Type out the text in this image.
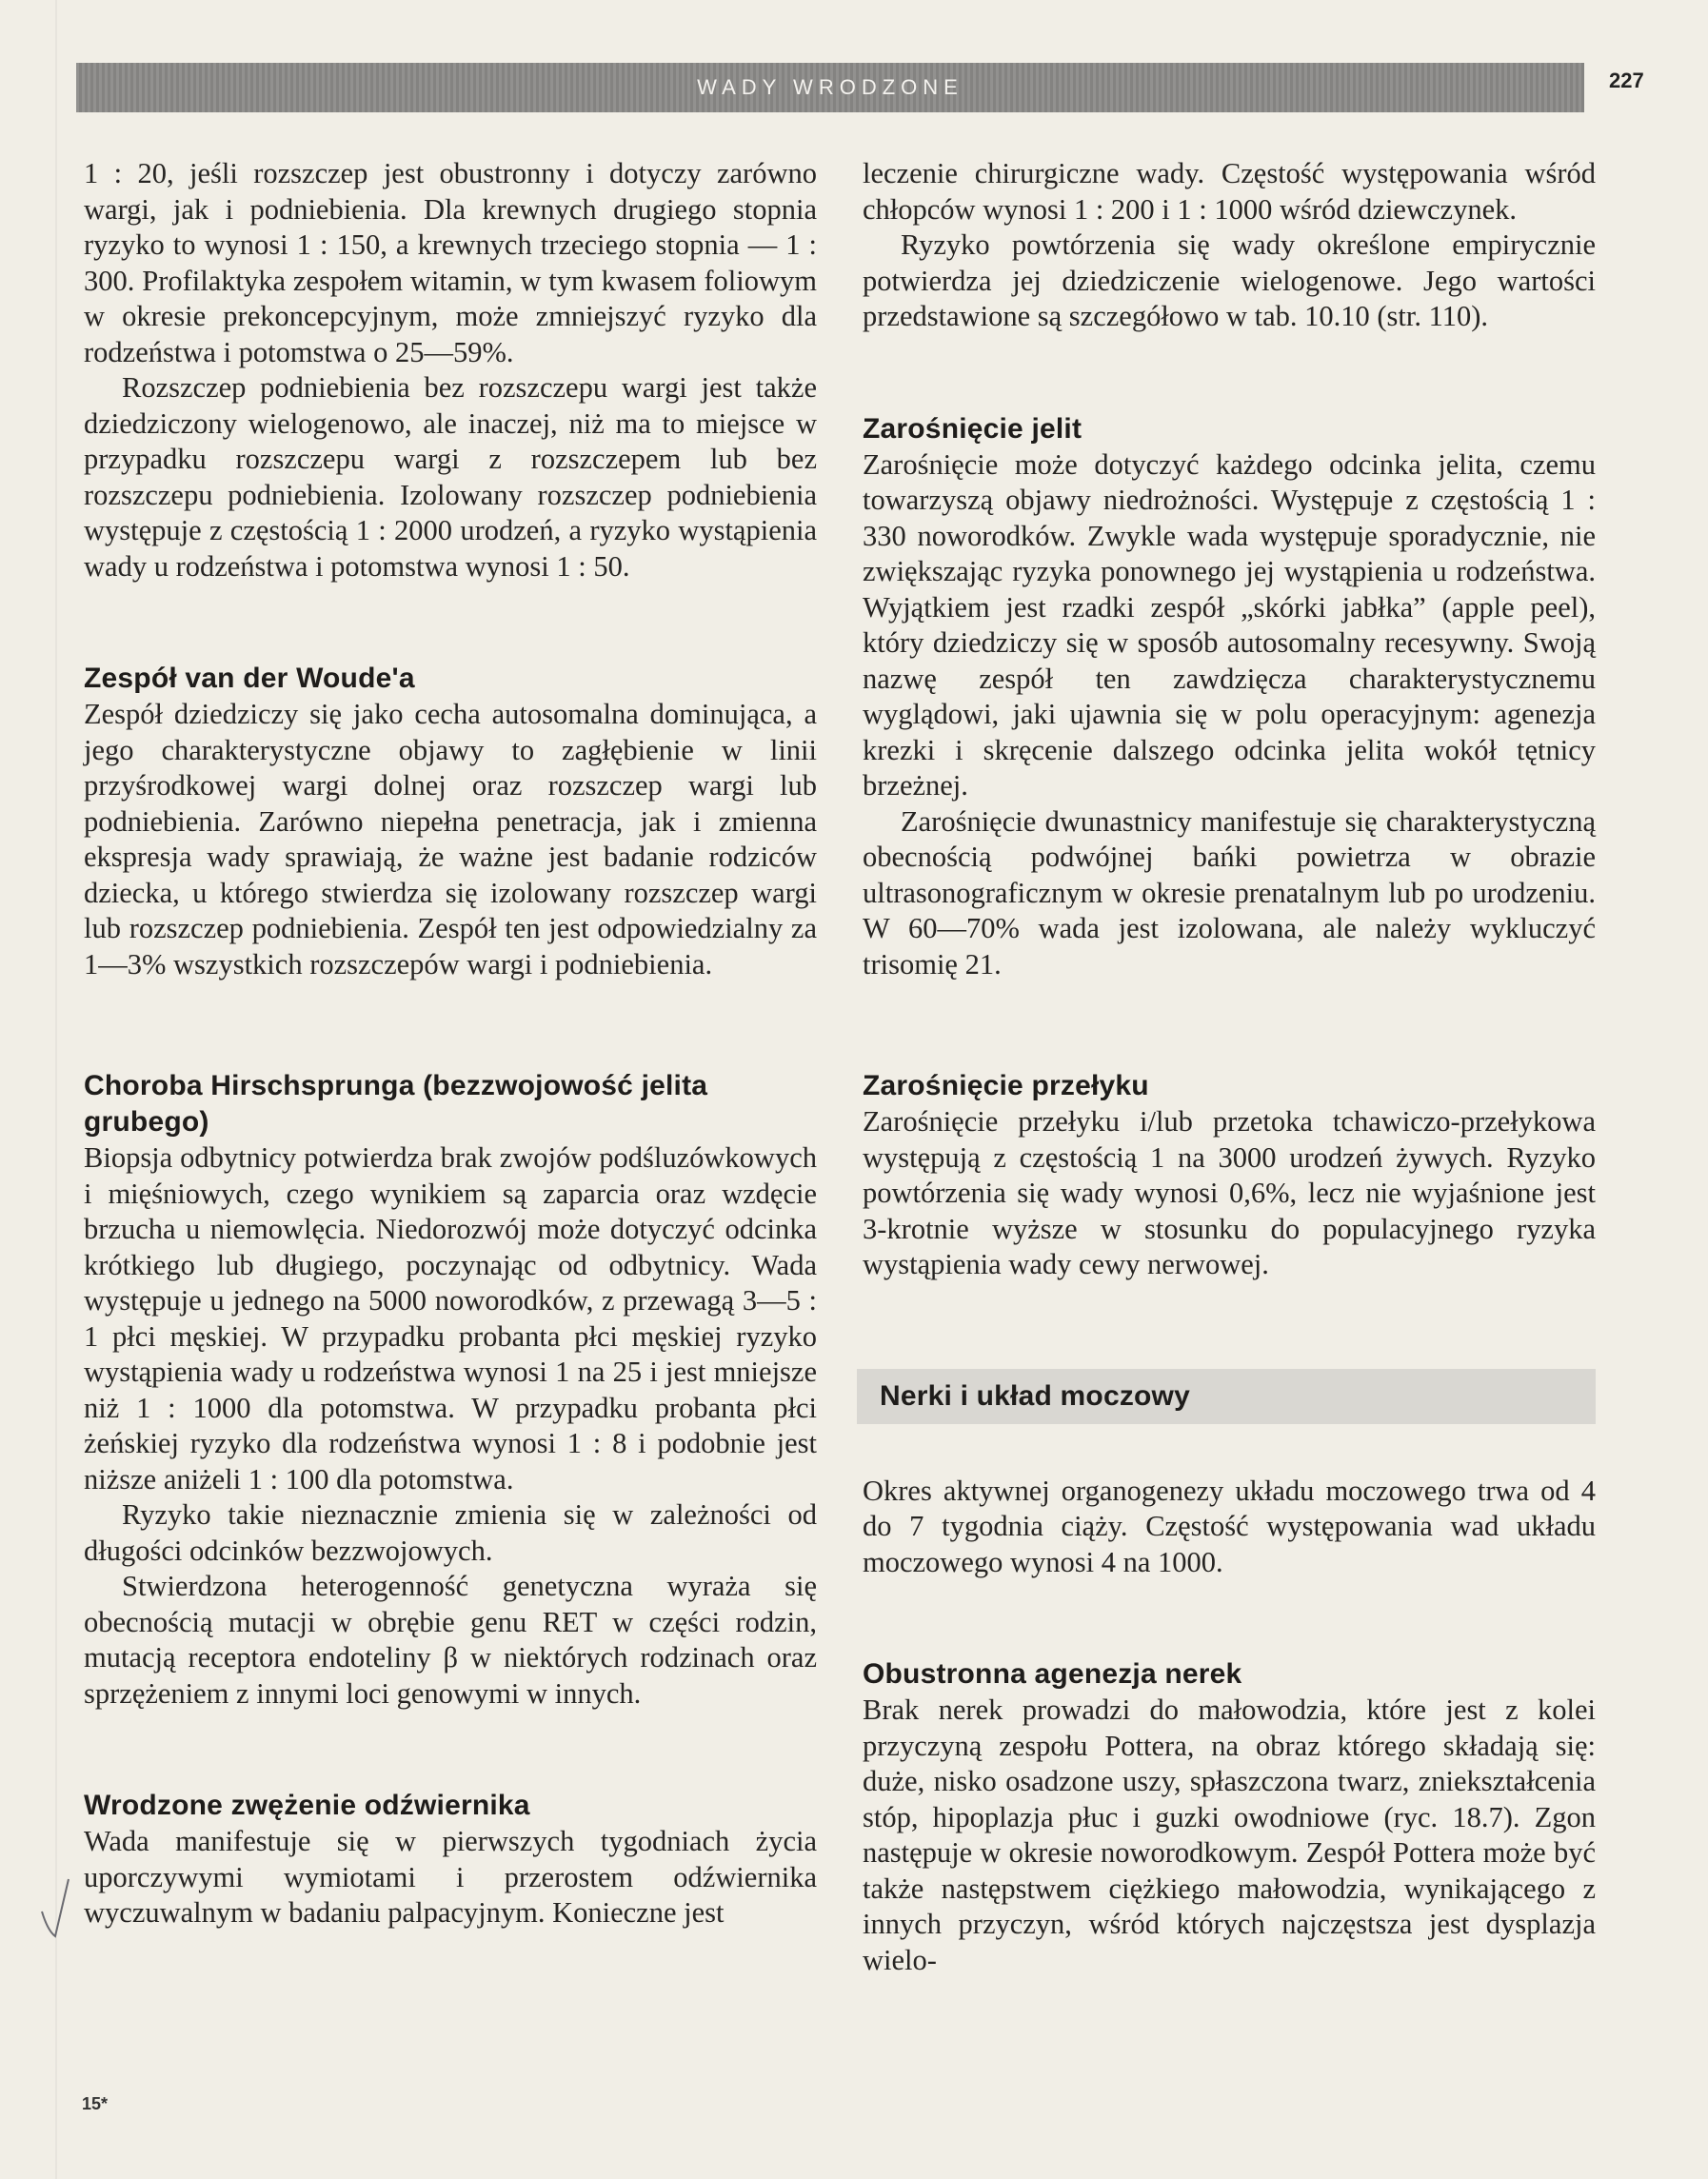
WADY WRODZONE	227

1 : 20, jeśli rozszczep jest obustronny i dotyczy zarówno wargi, jak i podniebienia. Dla krewnych drugiego stopnia ryzyko to wynosi 1 : 150, a krewnych trzeciego stopnia — 1 : 300. Profilaktyka zespołem witamin, w tym kwasem foliowym w okresie prekoncepcyjnym, może zmniejszyć ryzyko dla rodzeństwa i potomstwa o 25—59%.

Rozszczep podniebienia bez rozszczepu wargi jest także dziedziczony wielogenowo, ale inaczej, niż ma to miejsce w przypadku rozszczepu wargi z rozszczepem lub bez rozszczepu podniebienia. Izolowany rozszczep podniebienia występuje z częstością 1 : 2000 urodzeń, a ryzyko wystąpienia wady u rodzeństwa i potomstwa wynosi 1 : 50.

Zespół van der Woude'a

Zespół dziedziczy się jako cecha autosomalna dominująca, a jego charakterystyczne objawy to zagłębienie w linii przyśrodkowej wargi dolnej oraz rozszczep wargi lub podniebienia. Zarówno niepełna penetracja, jak i zmienna ekspresja wady sprawiają, że ważne jest badanie rodziców dziecka, u którego stwierdza się izolowany rozszczep wargi lub rozszczep podniebienia. Zespół ten jest odpowiedzialny za 1—3% wszystkich rozszczepów wargi i podniebienia.

Choroba Hirschsprunga (bezzwojowość jelita grubego)

Biopsja odbytnicy potwierdza brak zwojów podśluzówkowych i mięśniowych, czego wynikiem są zaparcia oraz wzdęcie brzucha u niemowlęcia. Niedorozwój może dotyczyć odcinka krótkiego lub długiego, poczynając od odbytnicy. Wada występuje u jednego na 5000 noworodków, z przewagą 3—5 : 1 płci męskiej. W przypadku probanta płci męskiej ryzyko wystąpienia wady u rodzeństwa wynosi 1 na 25 i jest mniejsze niż 1 : 1000 dla potomstwa. W przypadku probanta płci żeńskiej ryzyko dla rodzeństwa wynosi 1 : 8 i podobnie jest niższe aniżeli 1 : 100 dla potomstwa.

Ryzyko takie nieznacznie zmienia się w zależności od długości odcinków bezzwojowych.

Stwierdzona heterogenność genetyczna wyraża się obecnością mutacji w obrębie genu RET w części rodzin, mutacją receptora endoteliny β w niektórych rodzinach oraz sprzężeniem z innymi loci genowymi w innych.

Wrodzone zwężenie odźwiernika

Wada manifestuje się w pierwszych tygodniach życia uporczywymi wymiotami i przerostem odźwiernika wyczuwalnym w badaniu palpacyjnym. Konieczne jest

leczenie chirurgiczne wady. Częstość występowania wśród chłopców wynosi 1 : 200 i 1 : 1000 wśród dziewczynek.

Ryzyko powtórzenia się wady określone empirycznie potwierdza jej dziedziczenie wielogenowe. Jego wartości przedstawione są szczegółowo w tab. 10.10 (str. 110).

Zarośnięcie jelit

Zarośnięcie może dotyczyć każdego odcinka jelita, czemu towarzyszą objawy niedrożności. Występuje z częstością 1 : 330 noworodków. Zwykle wada występuje sporadycznie, nie zwiększając ryzyka ponownego jej wystąpienia u rodzeństwa. Wyjątkiem jest rzadki zespół „skórki jabłka” (apple peel), który dziedziczy się w sposób autosomalny recesywny. Swoją nazwę zespół ten zawdzięcza charakterystycznemu wyglądowi, jaki ujawnia się w polu operacyjnym: agenezja krezki i skręcenie dalszego odcinka jelita wokół tętnicy brzeżnej.

Zarośnięcie dwunastnicy manifestuje się charakterystyczną obecnością podwójnej bańki powietrza w obrazie ultrasonograficznym w okresie prenatalnym lub po urodzeniu. W 60—70% wada jest izolowana, ale należy wykluczyć trisomię 21.

Zarośnięcie przełyku

Zarośnięcie przełyku i/lub przetoka tchawiczo-przełykowa występują z częstością 1 na 3000 urodzeń żywych. Ryzyko powtórzenia się wady wynosi 0,6%, lecz nie wyjaśnione jest 3-krotnie wyższe w stosunku do populacyjnego ryzyka wystąpienia wady cewy nerwowej.

Nerki i układ moczowy

Okres aktywnej organogenezy układu moczowego trwa od 4 do 7 tygodnia ciąży. Częstość występowania wad układu moczowego wynosi 4 na 1000.

Obustronna agenezja nerek

Brak nerek prowadzi do małowodzia, które jest z kolei przyczyną zespołu Pottera, na obraz którego składają się: duże, nisko osadzone uszy, spłaszczona twarz, zniekształcenia stóp, hipoplazja płuc i guzki owodniowe (ryc. 18.7). Zgon następuje w okresie noworodkowym. Zespół Pottera może być także następstwem ciężkiego małowodzia, wynikającego z innych przyczyn, wśród których najczęstsza jest dysplazja wielo-

15*
